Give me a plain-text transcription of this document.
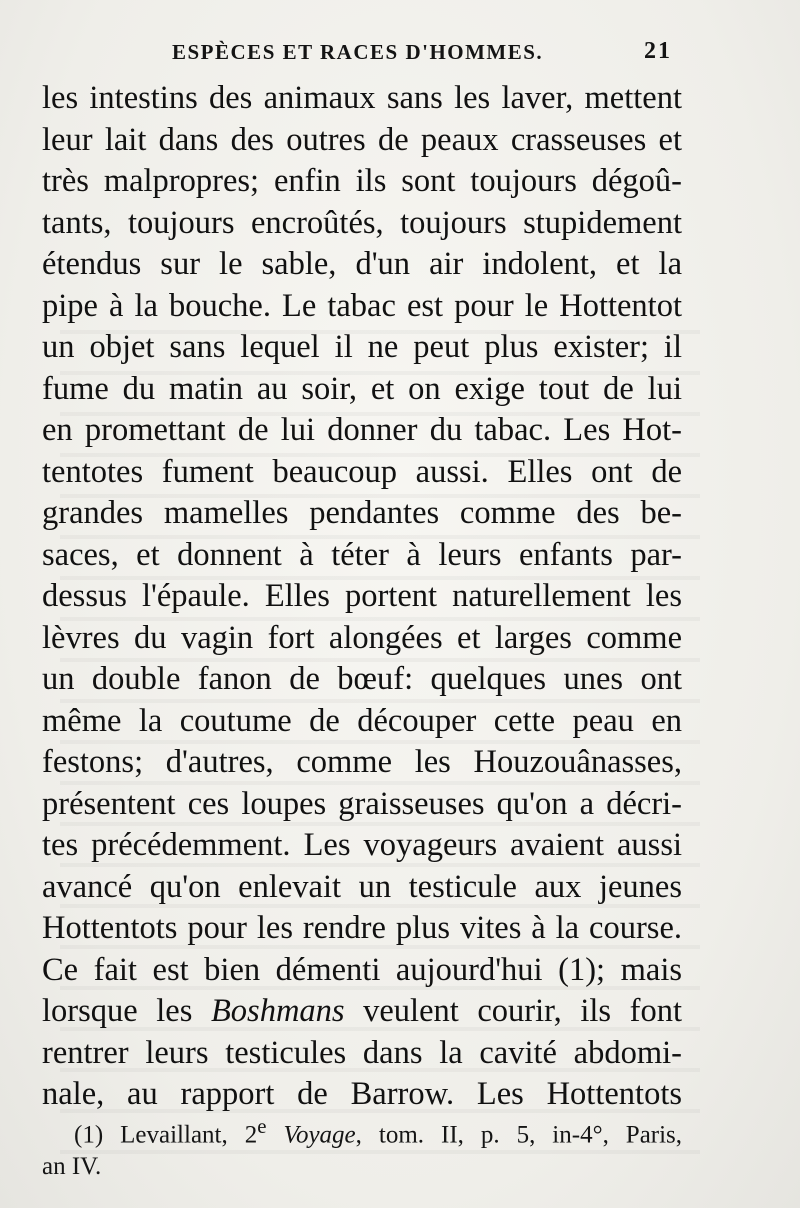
ESPÈCES ET RACES D'HOMMES.	21
les intestins des animaux sans les laver, mettent
leur lait dans des outres de peaux crasseuses et
très malpropres; enfin ils sont toujours dégoû-
tants, toujours encroûtés, toujours stupidement
étendus sur le sable, d'un air indolent, et la
pipe à la bouche. Le tabac est pour le Hottentot
un objet sans lequel il ne peut plus exister; il
fume du matin au soir, et on exige tout de lui
en promettant de lui donner du tabac. Les Hot-
tentotes fument beaucoup aussi. Elles ont de
grandes mamelles pendantes comme des be-
saces, et donnent à téter à leurs enfants par-
dessus l'épaule. Elles portent naturellement les
lèvres du vagin fort alongées et larges comme
un double fanon de bœuf: quelques unes ont
même la coutume de découper cette peau en
festons; d'autres, comme les Houzouânasses,
présentent ces loupes graisseuses qu'on a décri-
tes précédemment. Les voyageurs avaient aussi
avancé qu'on enlevait un testicule aux jeunes
Hottentots pour les rendre plus vites à la course.
Ce fait est bien démenti aujourd'hui (1); mais
lorsque les Boshmans veulent courir, ils font
rentrer leurs testicules dans la cavité abdomi-
nale, au rapport de Barrow. Les Hottentots
(1) Levaillant, 2e Voyage, tom. II, p. 5, in-4°, Paris,
an IV.
